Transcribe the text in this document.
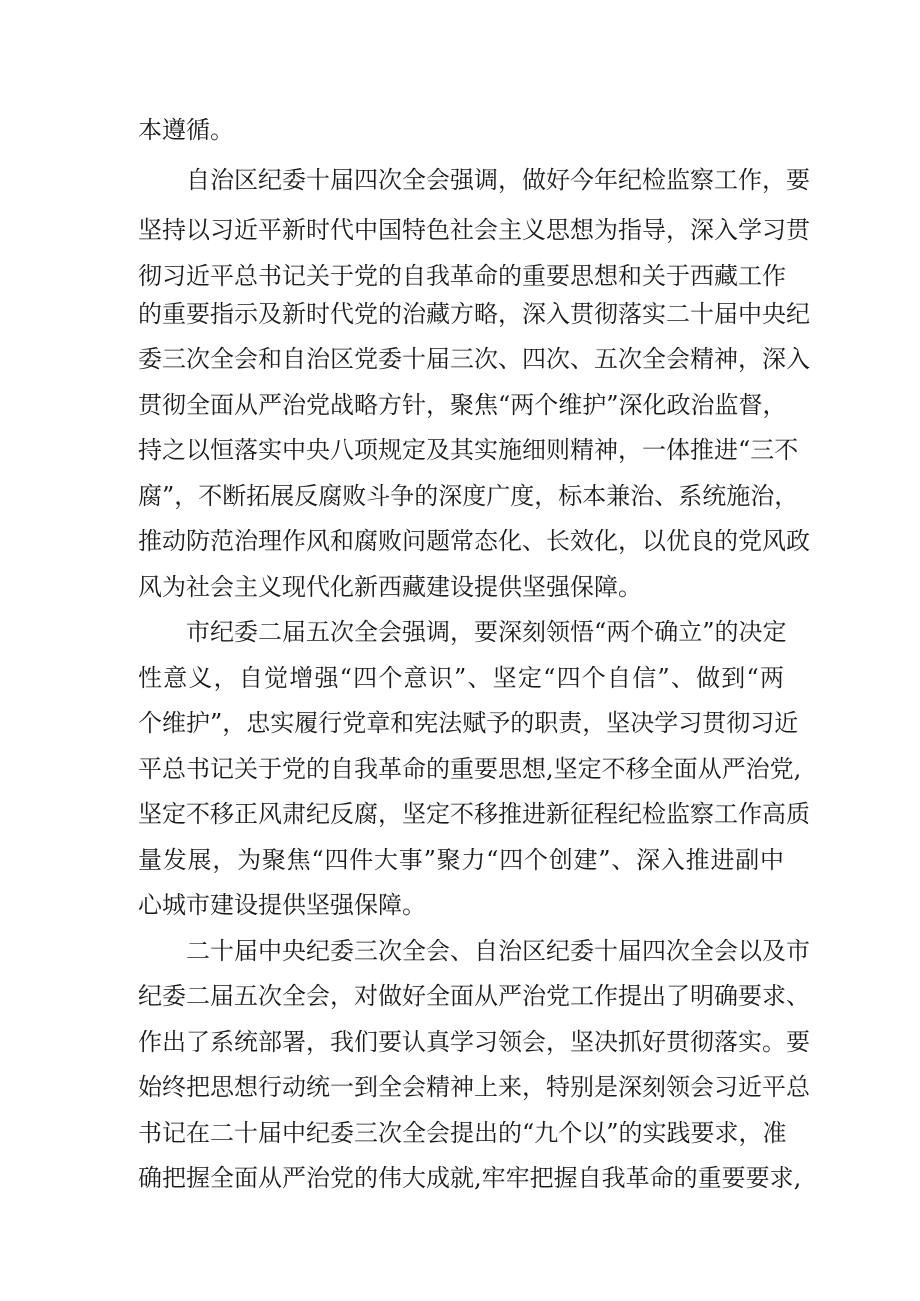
本遵循。
自治区纪委十届四次全会强调，做好今年纪检监察工作，要
坚持以习近平新时代中国特色社会主义思想为指导，深入学习贯
彻习近平总书记关于党的自我革命的重要思想和关于西藏工作
的重要指示及新时代党的治藏方略，深入贯彻落实二十届中央纪
委三次全会和自治区党委十届三次、四次、五次全会精神，深入
贯彻全面从严治党战略方针，聚焦“两个维护”深化政治监督，
持之以恒落实中央八项规定及其实施细则精神，一体推进“三不
腐”，不断拓展反腐败斗争的深度广度，标本兼治、系统施治，
推动防范治理作风和腐败问题常态化、长效化，以优良的党风政
风为社会主义现代化新西藏建设提供坚强保障。
市纪委二届五次全会强调，要深刻领悟“两个确立”的决定
性意义，自觉增强“四个意识”、坚定“四个自信”、做到“两
个维护”，忠实履行党章和宪法赋予的职责，坚决学习贯彻习近
平总书记关于党的自我革命的重要思想,坚定不移全面从严治党,
坚定不移正风肃纪反腐，坚定不移推进新征程纪检监察工作高质
量发展，为聚焦“四件大事”聚力“四个创建”、深入推进副中
心城市建设提供坚强保障。
二十届中央纪委三次全会、自治区纪委十届四次全会以及市
纪委二届五次全会，对做好全面从严治党工作提出了明确要求、
作出了系统部署，我们要认真学习领会，坚决抓好贯彻落实。要
始终把思想行动统一到全会精神上来，特别是深刻领会习近平总
书记在二十届中纪委三次全会提出的“九个以”的实践要求，准
确把握全面从严治党的伟大成就,牢牢把握自我革命的重要要求,
